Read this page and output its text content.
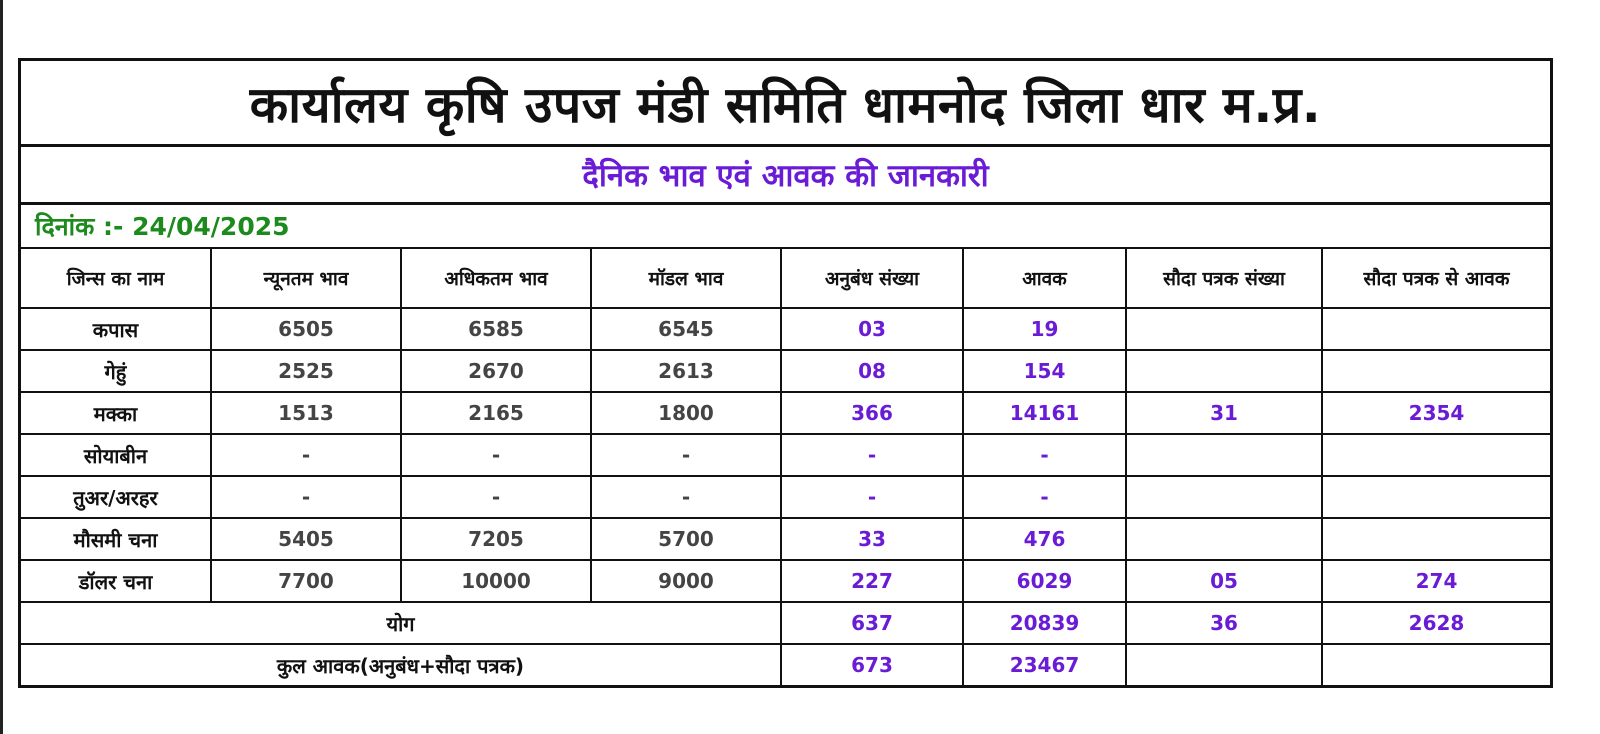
कार्यालय कृषि उपज मंडी समिति धामनोद जिला धार म.प्र.
दैनिक भाव एवं आवक की जानकारी
दिनांक :- 24/04/2025
जिन्स का नाम	न्यूनतम भाव	अधिकतम भाव	मॉडल भाव	अनुबंध संख्या	आवक	सौदा पत्रक संख्या	सौदा पत्रक से आवक
कपास	6505	6585	6545	03	19		
गेहुं	2525	2670	2613	08	154		
मक्का	1513	2165	1800	366	14161	31	2354
सोयाबीन	-	-	-	-	-		
तुअर/अरहर	-	-	-	-	-		
मौसमी चना	5405	7205	5700	33	476		
डॉलर चना	7700	10000	9000	227	6029	05	274
योग				637	20839	36	2628
कुल आवक(अनुबंध+सौदा पत्रक)				673	23467		
